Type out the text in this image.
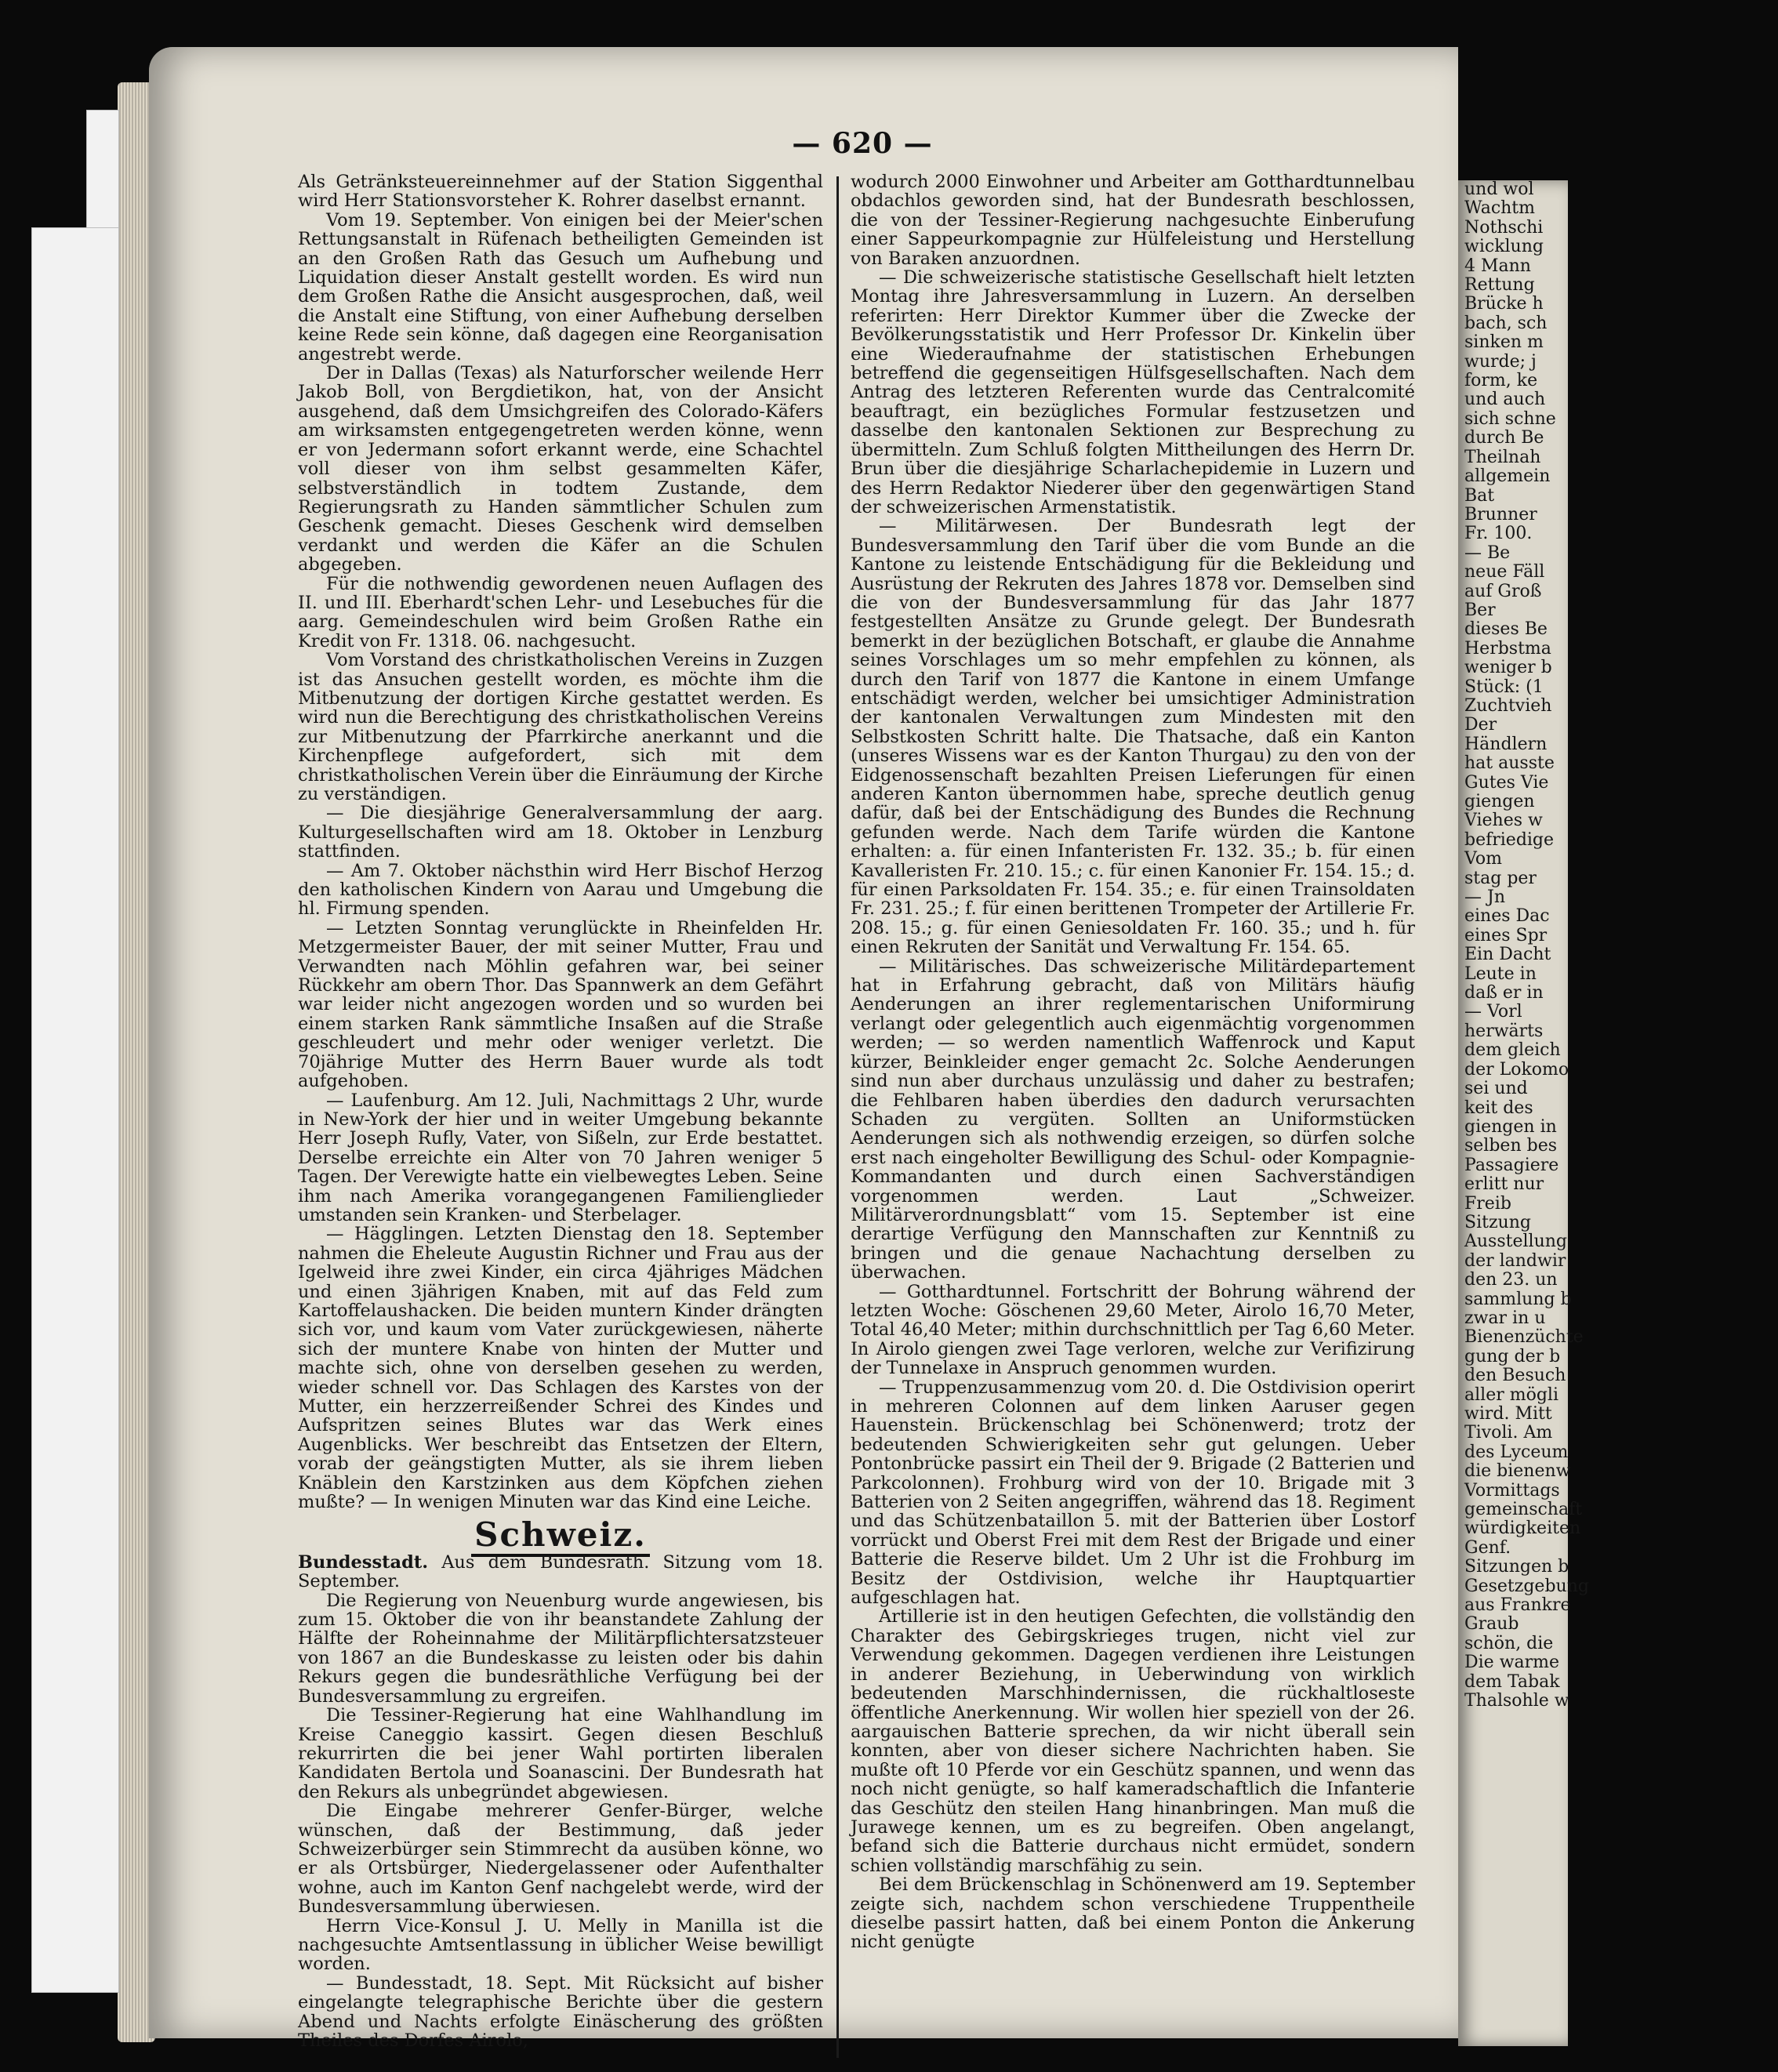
— 620 —

Als Getränksteuereinnehmer auf der Station Siggenthal wird Herr Stationsvorsteher K. Rohrer daselbst ernannt.

Vom 19. September. Von einigen bei der Meier'schen Rettungsanstalt in Rüfenach betheiligten Gemeinden ist an den Großen Rath das Gesuch um Aufhebung und Liquidation dieser Anstalt gestellt worden. Es wird nun dem Großen Rathe die Ansicht ausgesprochen, daß, weil die Anstalt eine Stiftung, von einer Aufhebung derselben keine Rede sein könne, daß dagegen eine Reorganisation angestrebt werde.

Der in Dallas (Texas) als Naturforscher weilende Herr Jakob Boll, von Bergdietikon, hat, von der Ansicht ausgehend, daß dem Umsichgreifen des Colorado-Käfers am wirksamsten entgegengetreten werden könne, wenn er von Jedermann sofort erkannt werde, eine Schachtel voll dieser von ihm selbst gesammelten Käfer, selbstverständlich in todtem Zustande, dem Regierungsrath zu Handen sämmtlicher Schulen zum Geschenk gemacht. Dieses Geschenk wird demselben verdankt und werden die Käfer an die Schulen abgegeben.

Für die nothwendig gewordenen neuen Auflagen des II. und III. Eberhardt'schen Lehr- und Lesebuches für die aarg. Gemeindeschulen wird beim Großen Rathe ein Kredit von Fr. 1318. 06. nachgesucht.

Vom Vorstand des christkatholischen Vereins in Zuzgen ist das Ansuchen gestellt worden, es möchte ihm die Mitbenutzung der dortigen Kirche gestattet werden. Es wird nun die Berechtigung des christkatholischen Vereins zur Mitbenutzung der Pfarrkirche anerkannt und die Kirchenpflege aufgefordert, sich mit dem christkatholischen Verein über die Einräumung der Kirche zu verständigen.

— Die diesjährige Generalversammlung der aarg. Kulturgesellschaften wird am 18. Oktober in Lenzburg stattfinden.

— Am 7. Oktober nächsthin wird Herr Bischof Herzog den katholischen Kindern von Aarau und Umgebung die hl. Firmung spenden.

— Letzten Sonntag verunglückte in Rheinfelden Hr. Metzgermeister Bauer, der mit seiner Mutter, Frau und Verwandten nach Möhlin gefahren war, bei seiner Rückkehr am obern Thor. Das Spannwerk an dem Gefährt war leider nicht angezogen worden und so wurden bei einem starken Rank sämmtliche Insaßen auf die Straße geschleudert und mehr oder weniger verletzt. Die 70jährige Mutter des Herrn Bauer wurde als todt aufgehoben.

— Laufenburg. Am 12. Juli, Nachmittags 2 Uhr, wurde in New-York der hier und in weiter Umgebung bekannte Herr Joseph Rufly, Vater, von Sißeln, zur Erde bestattet. Derselbe erreichte ein Alter von 70 Jahren weniger 5 Tagen. Der Verewigte hatte ein vielbewegtes Leben. Seine ihm nach Amerika vorangegangenen Familienglieder umstanden sein Kranken- und Sterbelager.

— Hägglingen. Letzten Dienstag den 18. September nahmen die Eheleute Augustin Richner und Frau aus der Igelweid ihre zwei Kinder, ein circa 4jähriges Mädchen und einen 3jährigen Knaben, mit auf das Feld zum Kartoffelaushacken. Die beiden muntern Kinder drängten sich vor, und kaum vom Vater zurückgewiesen, näherte sich der muntere Knabe von hinten der Mutter und machte sich, ohne von derselben gesehen zu werden, wieder schnell vor. Das Schlagen des Karstes von der Mutter, ein herzzerreißender Schrei des Kindes und Aufspritzen seines Blutes war das Werk eines Augenblicks. Wer beschreibt das Entsetzen der Eltern, vorab der geängstigten Mutter, als sie ihrem lieben Knäblein den Karstzinken aus dem Köpfchen ziehen mußte? — In wenigen Minuten war das Kind eine Leiche.

Schweiz.

Bundesstadt. Aus dem Bundesrath. Sitzung vom 18. September.

Die Regierung von Neuenburg wurde angewiesen, bis zum 15. Oktober die von ihr beanstandete Zahlung der Hälfte der Roheinnahme der Militärpflichtersatzsteuer von 1867 an die Bundeskasse zu leisten oder bis dahin Rekurs gegen die bundesräthliche Verfügung bei der Bundesversammlung zu ergreifen.

Die Tessiner-Regierung hat eine Wahlhandlung im Kreise Caneggio kassirt. Gegen diesen Beschluß rekurrirten die bei jener Wahl portirten liberalen Kandidaten Bertola und Soanascini. Der Bundesrath hat den Rekurs als unbegründet abgewiesen.

Die Eingabe mehrerer Genfer-Bürger, welche wünschen, daß der Bestimmung, daß jeder Schweizerbürger sein Stimmrecht da ausüben könne, wo er als Ortsbürger, Niedergelassener oder Aufenthalter wohne, auch im Kanton Genf nachgelebt werde, wird der Bundesversammlung überwiesen.

Herrn Vice-Konsul J. U. Melly in Manilla ist die nachgesuchte Amtsentlassung in üblicher Weise bewilligt worden.

— Bundesstadt, 18. Sept. Mit Rücksicht auf bisher eingelangte telegraphische Berichte über die gestern Abend und Nachts erfolgte Einäscherung des größten Theiles des Dorfes Airolo,

wodurch 2000 Einwohner und Arbeiter am Gotthardtunnelbau obdachlos geworden sind, hat der Bundesrath beschlossen, die von der Tessiner-Regierung nachgesuchte Einberufung einer Sappeurkompagnie zur Hülfeleistung und Herstellung von Baraken anzuordnen.

— Die schweizerische statistische Gesellschaft hielt letzten Montag ihre Jahresversammlung in Luzern. An derselben referirten: Herr Direktor Kummer über die Zwecke der Bevölkerungsstatistik und Herr Professor Dr. Kinkelin über eine Wiederaufnahme der statistischen Erhebungen betreffend die gegenseitigen Hülfsgesellschaften. Nach dem Antrag des letzteren Referenten wurde das Centralcomité beauftragt, ein bezügliches Formular festzusetzen und dasselbe den kantonalen Sektionen zur Besprechung zu übermitteln. Zum Schluß folgten Mittheilungen des Herrn Dr. Brun über die diesjährige Scharlachepidemie in Luzern und des Herrn Redaktor Niederer über den gegenwärtigen Stand der schweizerischen Armenstatistik.

— Militärwesen. Der Bundesrath legt der Bundesversammlung den Tarif über die vom Bunde an die Kantone zu leistende Entschädigung für die Bekleidung und Ausrüstung der Rekruten des Jahres 1878 vor. Demselben sind die von der Bundesversammlung für das Jahr 1877 festgestellten Ansätze zu Grunde gelegt. Der Bundesrath bemerkt in der bezüglichen Botschaft, er glaube die Annahme seines Vorschlages um so mehr empfehlen zu können, als durch den Tarif von 1877 die Kantone in einem Umfange entschädigt werden, welcher bei umsichtiger Administration der kantonalen Verwaltungen zum Mindesten mit den Selbstkosten Schritt halte. Die Thatsache, daß ein Kanton (unseres Wissens war es der Kanton Thurgau) zu den von der Eidgenossenschaft bezahlten Preisen Lieferungen für einen anderen Kanton übernommen habe, spreche deutlich genug dafür, daß bei der Entschädigung des Bundes die Rechnung gefunden werde. Nach dem Tarife würden die Kantone erhalten: a. für einen Infanteristen Fr. 132. 35.; b. für einen Kavalleristen Fr. 210. 15.; c. für einen Kanonier Fr. 154. 15.; d. für einen Parksoldaten Fr. 154. 35.; e. für einen Trainsoldaten Fr. 231. 25.; f. für einen berittenen Trompeter der Artillerie Fr. 208. 15.; g. für einen Geniesoldaten Fr. 160. 35.; und h. für einen Rekruten der Sanität und Verwaltung Fr. 154. 65.

— Militärisches. Das schweizerische Militärdepartement hat in Erfahrung gebracht, daß von Militärs häufig Aenderungen an ihrer reglementarischen Uniformirung verlangt oder gelegentlich auch eigenmächtig vorgenommen werden; — so werden namentlich Waffenrock und Kaput kürzer, Beinkleider enger gemacht 2c. Solche Aenderungen sind nun aber durchaus unzulässig und daher zu bestrafen; die Fehlbaren haben überdies den dadurch verursachten Schaden zu vergüten. Sollten an Uniformstücken Aenderungen sich als nothwendig erzeigen, so dürfen solche erst nach eingeholter Bewilligung des Schul- oder Kompagnie-Kommandanten und durch einen Sachverständigen vorgenommen werden. Laut „Schweizer. Militärverordnungsblatt“ vom 15. September ist eine derartige Verfügung den Mannschaften zur Kenntniß zu bringen und die genaue Nachachtung derselben zu überwachen.

— Gotthardtunnel. Fortschritt der Bohrung während der letzten Woche: Göschenen 29,60 Meter, Airolo 16,70 Meter, Total 46,40 Meter; mithin durchschnittlich per Tag 6,60 Meter. In Airolo giengen zwei Tage verloren, welche zur Verifizirung der Tunnelaxe in Anspruch genommen wurden.

— Truppenzusammenzug vom 20. d. Die Ostdivision operirt in mehreren Colonnen auf dem linken Aaruser gegen Hauenstein. Brückenschlag bei Schönenwerd; trotz der bedeutenden Schwierigkeiten sehr gut gelungen. Ueber Pontonbrücke passirt ein Theil der 9. Brigade (2 Batterien und Parkcolonnen). Frohburg wird von der 10. Brigade mit 3 Batterien von 2 Seiten angegriffen, während das 18. Regiment und das Schützenbataillon 5. mit der Batterien über Lostorf vorrückt und Oberst Frei mit dem Rest der Brigade und einer Batterie die Reserve bildet. Um 2 Uhr ist die Frohburg im Besitz der Ostdivision, welche ihr Hauptquartier aufgeschlagen hat.

Artillerie ist in den heutigen Gefechten, die vollständig den Charakter des Gebirgskrieges trugen, nicht viel zur Verwendung gekommen. Dagegen verdienen ihre Leistungen in anderer Beziehung, in Ueberwindung von wirklich bedeutenden Marschhindernissen, die rückhaltloseste öffentliche Anerkennung. Wir wollen hier speziell von der 26. aargauischen Batterie sprechen, da wir nicht überall sein konnten, aber von dieser sichere Nachrichten haben. Sie mußte oft 10 Pferde vor ein Geschütz spannen, und wenn das noch nicht genügte, so half kameradschaftlich die Infanterie das Geschütz den steilen Hang hinanbringen. Man muß die Jurawege kennen, um es zu begreifen. Oben angelangt, befand sich die Batterie durchaus nicht ermüdet, sondern schien vollständig marschfähig zu sein.

Bei dem Brückenschlag in Schönenwerd am 19. September zeigte sich, nachdem schon verschiedene Truppentheile dieselbe passirt hatten, daß bei einem Ponton die Ankerung nicht genügte

und wol
Wachtm
Nothschi
wicklung
4 Mann
Rettung
Brücke h
bach, sch
sinken m
wurde; j
form, ke
und auch
sich schne
durch Be
Theilnah
allgemein
Bat
Brunner
Fr. 100.
— Be
neue Fäll
auf Groß
Ber
dieses Be
Herbstma
weniger b
Stück: (1
Zuchtvieh
Der
Händlern
hat ausste
Gutes Vie
giengen
Viehes w
befriedige
Vom
stag per
— Jn
eines Dac
eines Spr
Ein Dacht
Leute in
daß er in
— Vorl
herwärts
dem gleich
der Lokomo
sei und
keit des
giengen in
selben bes
Passagiere
erlitt nur
Freib
Sitzung
Ausstellung
der landwir
den 23. un
sammlung b
zwar in u
Bienenzüchte
gung der b
den Besuch
aller mögli
wird. Mitt
Tivoli. Am
des Lyceum
die bienenw
Vormittags
gemeinschaft
würdigkeiten
Genf.
Sitzungen b
Gesetzgebung
aus Frankre
Graub
schön, die
Die warme
dem Tabak
Thalsohle w
